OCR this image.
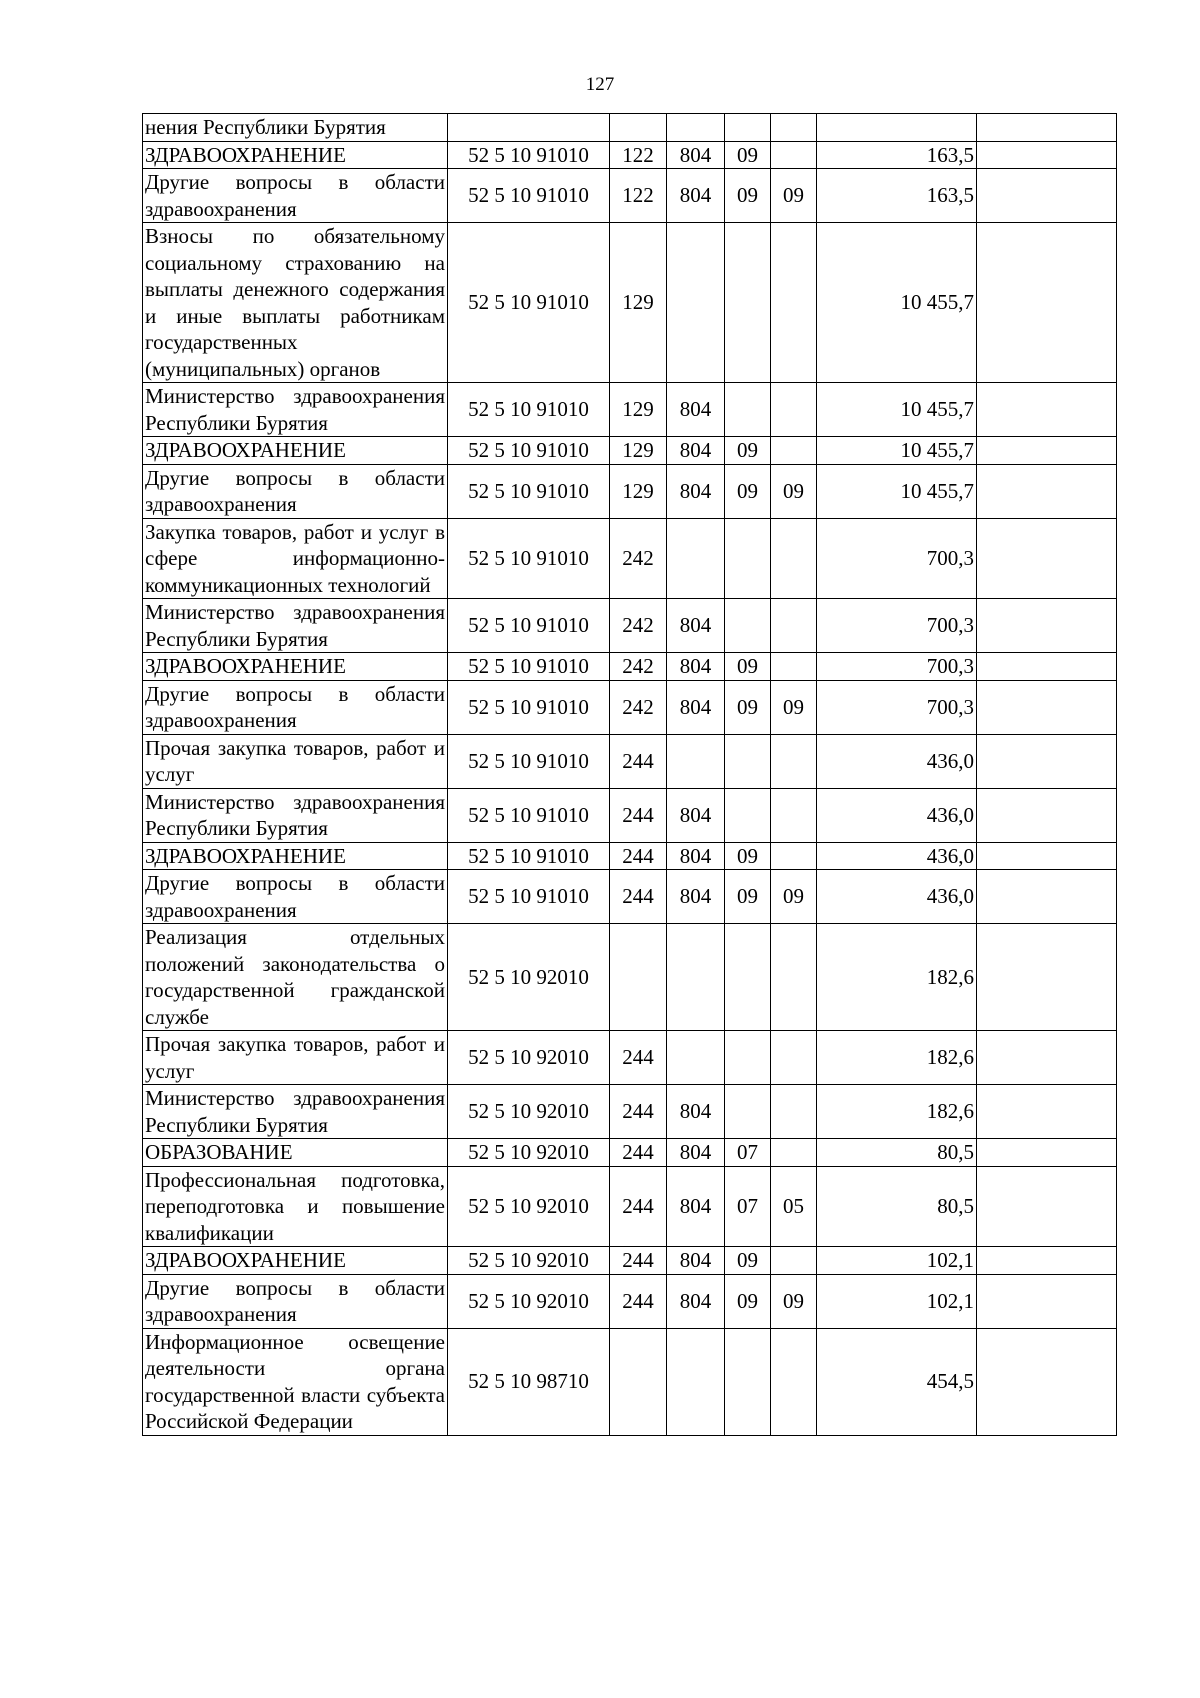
127
нения Республики Бурятия							
ЗДРАВООХРАНЕНИЕ	52 5 10 91010	122	804	09		163,5	
Другие вопросы в области здравоохранения	52 5 10 91010	122	804	09	09	163,5	
Взносы по обязательному социальному страхованию на выплаты денежного содержания и иные выплаты работникам государственных (муниципальных) органов	52 5 10 91010	129				10 455,7	
Министерство здравоохранения Республики Бурятия	52 5 10 91010	129	804			10 455,7	
ЗДРАВООХРАНЕНИЕ	52 5 10 91010	129	804	09		10 455,7	
Другие вопросы в области здравоохранения	52 5 10 91010	129	804	09	09	10 455,7	
Закупка товаров, работ и услуг в сфере информационно-коммуникационных технологий	52 5 10 91010	242				700,3	
Министерство здравоохранения Республики Бурятия	52 5 10 91010	242	804			700,3	
ЗДРАВООХРАНЕНИЕ	52 5 10 91010	242	804	09		700,3	
Другие вопросы в области здравоохранения	52 5 10 91010	242	804	09	09	700,3	
Прочая закупка товаров, работ и услуг	52 5 10 91010	244				436,0	
Министерство здравоохранения Республики Бурятия	52 5 10 91010	244	804			436,0	
ЗДРАВООХРАНЕНИЕ	52 5 10 91010	244	804	09		436,0	
Другие вопросы в области здравоохранения	52 5 10 91010	244	804	09	09	436,0	
Реализация отдельных положений законодательства о государственной гражданской службе	52 5 10 92010					182,6	
Прочая закупка товаров, работ и услуг	52 5 10 92010	244				182,6	
Министерство здравоохранения Республики Бурятия	52 5 10 92010	244	804			182,6	
ОБРАЗОВАНИЕ	52 5 10 92010	244	804	07		80,5	
Профессиональная подготовка, переподготовка и повышение квалификации	52 5 10 92010	244	804	07	05	80,5	
ЗДРАВООХРАНЕНИЕ	52 5 10 92010	244	804	09		102,1	
Другие вопросы в области здравоохранения	52 5 10 92010	244	804	09	09	102,1	
Информационное освещение деятельности органа государственной власти субъекта Российской Федерации	52 5 10 98710					454,5	
